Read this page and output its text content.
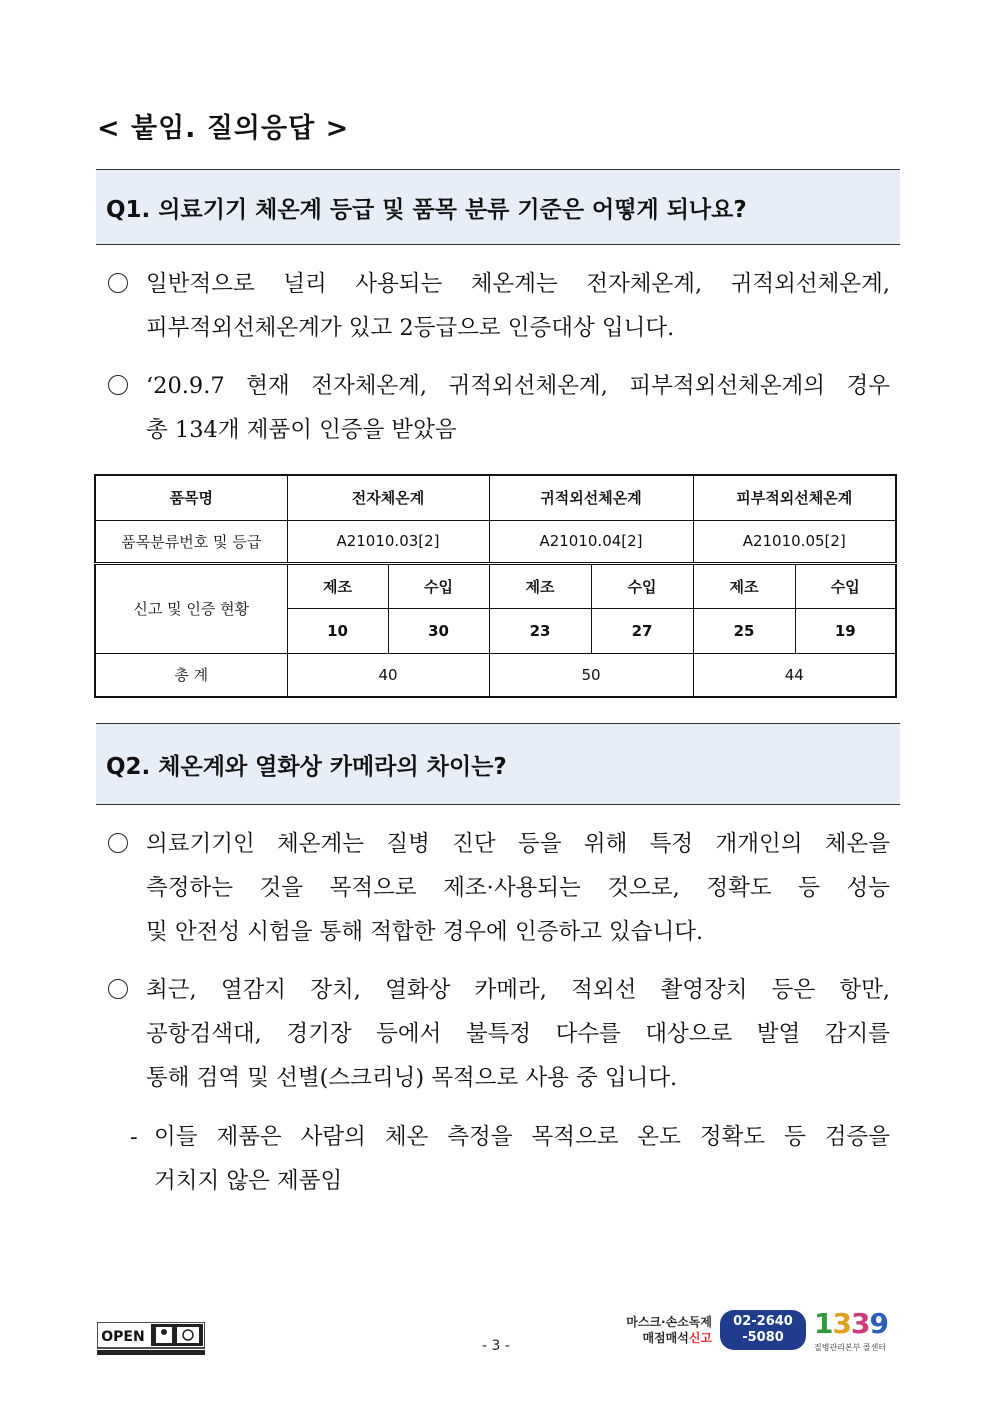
< 붙임. 질의응답 >
Q1. 의료기기 체온계 등급 및 품목 분류 기준은 어떻게 되나요?
일반적으로 널리 사용되는 체온계는 전자체온계, 귀적외선체온계,
피부적외선체온계가 있고 2등급으로 인증대상 입니다.
‘20.9.7 현재 전자체온계, 귀적외선체온계, 피부적외선체온계의 경우
총 134개 제품이 인증을 받았음
품목명	전자체온계		귀적외선체온계		피부적외선체온계	
품목분류번호 및 등급	A21010.03[2]		A21010.04[2]		A21010.05[2]	
신고 및 인증 현황	제조	수입	제조	수입	제조	수입
	10	30	23	27	25	19
총 계	40		50		44	
Q2. 체온계와 열화상 카메라의 차이는?
의료기기인 체온계는 질병 진단 등을 위해 특정 개개인의 체온을
측정하는 것을 목적으로 제조·사용되는 것으로, 정확도 등 성능
및 안전성 시험을 통해 적합한 경우에 인증하고 있습니다.
최근, 열감지 장치, 열화상 카메라, 적외선 촬영장치 등은 항만,
공항검색대, 경기장 등에서 불특정 다수를 대상으로 발열 감지를
통해 검역 및 선별(스크리닝) 목적으로 사용 중 입니다.
- 이들 제품은 사람의 체온 측정을 목적으로 온도 정확도 등 검증을
거치지 않은 제품임
OPEN
- 3 -
마스크·손소독제
매점매석신고
02-2640
-5080 1339
질병관리본부 콜센터
